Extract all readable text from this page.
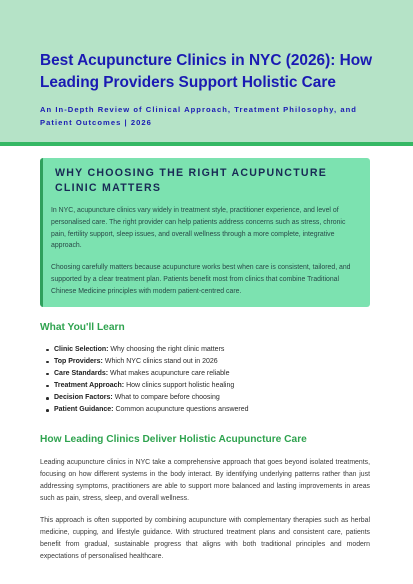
Best Acupuncture Clinics in NYC (2026): How Leading Providers Support Holistic Care

An In-Depth Review of Clinical Approach, Treatment Philosophy, and Patient Outcomes | 2026

WHY CHOOSING THE RIGHT ACUPUNCTURE CLINIC MATTERS

In NYC, acupuncture clinics vary widely in treatment style, practitioner experience, and level of personalised care. The right provider can help patients address concerns such as stress, chronic pain, fertility support, sleep issues, and overall wellness through a more complete, integrative approach.

Choosing carefully matters because acupuncture works best when care is consistent, tailored, and supported by a clear treatment plan. Patients benefit most from clinics that combine Traditional Chinese Medicine principles with modern patient-centred care.

What You'll Learn
Clinic Selection: Why choosing the right clinic matters
Top Providers: Which NYC clinics stand out in 2026
Care Standards: What makes acupuncture care reliable
Treatment Approach: How clinics support holistic healing
Decision Factors: What to compare before choosing
Patient Guidance: Common acupuncture questions answered
How Leading Clinics Deliver Holistic Acupuncture Care

Leading acupuncture clinics in NYC take a comprehensive approach that goes beyond isolated treatments, focusing on how different systems in the body interact. By identifying underlying patterns rather than just addressing symptoms, practitioners are able to support more balanced and lasting improvements in areas such as pain, stress, sleep, and overall wellness.

This approach is often supported by combining acupuncture with complementary therapies such as herbal medicine, cupping, and lifestyle guidance. With structured treatment plans and consistent care, patients benefit from gradual, sustainable progress that aligns with both traditional principles and modern expectations of personalised healthcare.
